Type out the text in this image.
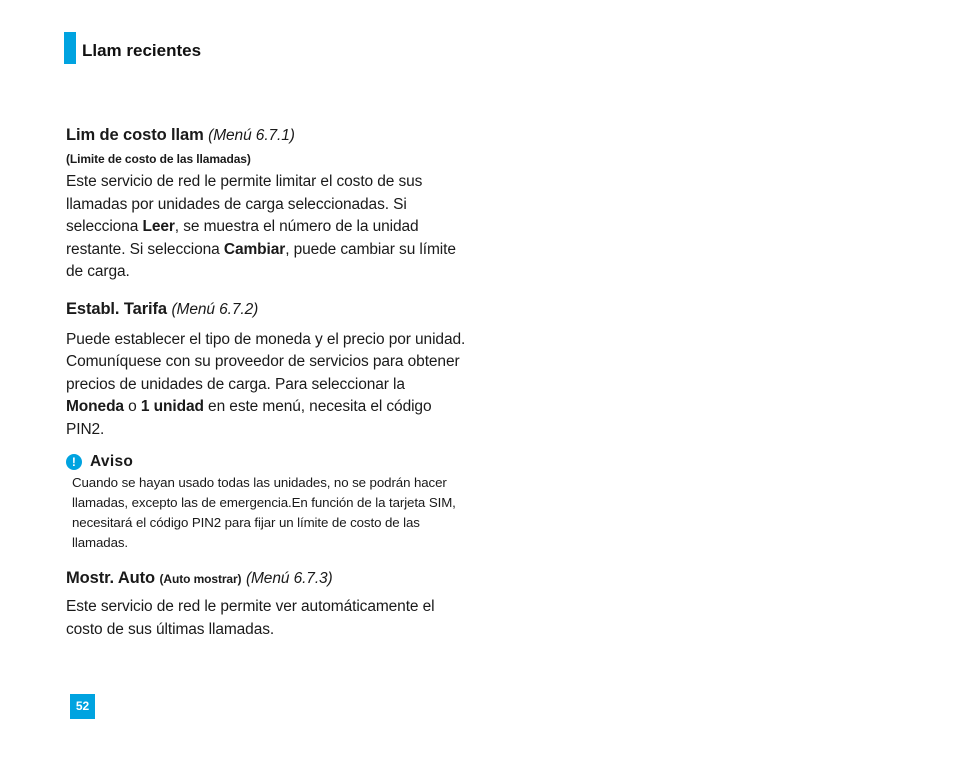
Llam recientes
Lim de costo llam (Menú 6.7.1)
(Limite de costo de las llamadas)

Este servicio de red le permite limitar el costo de sus llamadas por unidades de carga seleccionadas. Si selecciona Leer, se muestra el número de la unidad restante. Si selecciona Cambiar, puede cambiar su límite de carga.

Establ. Tarifa (Menú 6.7.2)

Puede establecer el tipo de moneda y el precio por unidad. Comuníquese con su proveedor de servicios para obtener precios de unidades de carga. Para seleccionar la Moneda o 1 unidad en este menú, necesita el código PIN2.

! Aviso
Cuando se hayan usado todas las unidades, no se podrán hacer llamadas, excepto las de emergencia.En función de la tarjeta SIM, necesitará el código PIN2 para fijar un límite de costo de las llamadas.
Mostr. Auto (Auto mostrar) (Menú 6.7.3)

Este servicio de red le permite ver automáticamente el costo de sus últimas llamadas.

52
